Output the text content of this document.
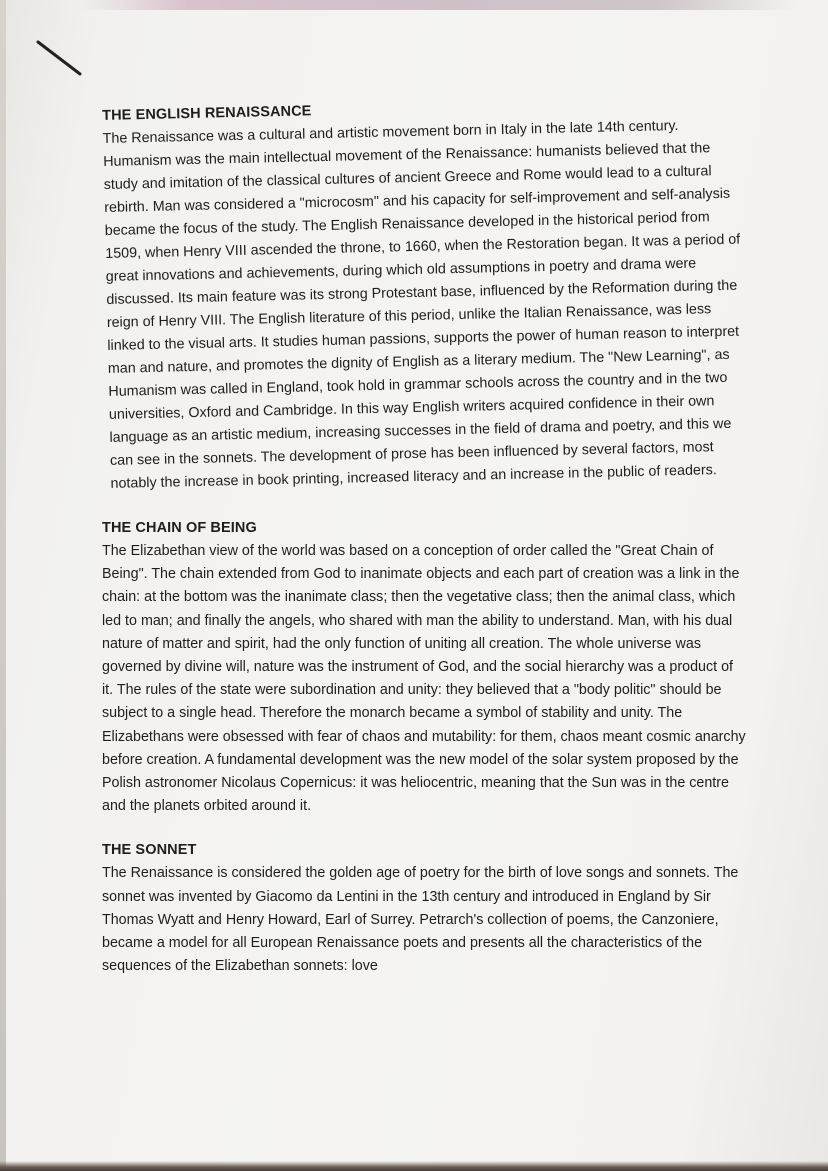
THE ENGLISH RENAISSANCE

The Renaissance was a cultural and artistic movement born in Italy in the late 14th century. Humanism was the main intellectual movement of the Renaissance: humanists believed that the study and imitation of the classical cultures of ancient Greece and Rome would lead to a cultural rebirth. Man was considered a "microcosm" and his capacity for self-improvement and self-analysis became the focus of the study. The English Renaissance developed in the historical period from 1509, when Henry VIII ascended the throne, to 1660, when the Restoration began. It was a period of great innovations and achievements, during which old assumptions in poetry and drama were discussed. Its main feature was its strong Protestant base, influenced by the Reformation during the reign of Henry VIII. The English literature of this period, unlike the Italian Renaissance, was less linked to the visual arts. It studies human passions, supports the power of human reason to interpret man and nature, and promotes the dignity of English as a literary medium. The "New Learning", as Humanism was called in England, took hold in grammar schools across the country and in the two universities, Oxford and Cambridge. In this way English writers acquired confidence in their own language as an artistic medium, increasing successes in the field of drama and poetry, and this we can see in the sonnets. The development of prose has been influenced by several factors, most notably the increase in book printing, increased literacy and an increase in the public of readers.

THE CHAIN OF BEING

The Elizabethan view of the world was based on a conception of order called the "Great Chain of Being". The chain extended from God to inanimate objects and each part of creation was a link in the chain: at the bottom was the inanimate class; then the vegetative class; then the animal class, which led to man; and finally the angels, who shared with man the ability to understand. Man, with his dual nature of matter and spirit, had the only function of uniting all creation. The whole universe was governed by divine will, nature was the instrument of God, and the social hierarchy was a product of it. The rules of the state were subordination and unity: they believed that a "body politic" should be subject to a single head. Therefore the monarch became a symbol of stability and unity. The Elizabethans were obsessed with fear of chaos and mutability: for them, chaos meant cosmic anarchy before creation. A fundamental development was the new model of the solar system proposed by the Polish astronomer Nicolaus Copernicus: it was heliocentric, meaning that the Sun was in the centre and the planets orbited around it.

THE SONNET

The Renaissance is considered the golden age of poetry for the birth of love songs and sonnets. The sonnet was invented by Giacomo da Lentini in the 13th century and introduced in England by Sir Thomas Wyatt and Henry Howard, Earl of Surrey. Petrarch's collection of poems, the Canzoniere, became a model for all European Renaissance poets and presents all the characteristics of the sequences of the Elizabethan sonnets: love
